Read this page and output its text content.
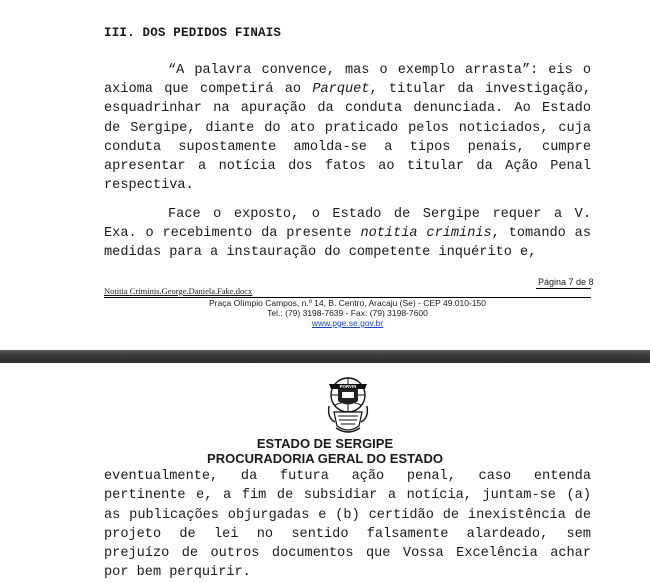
III. DOS PEDIDOS FINAIS

“A palavra convence, mas o exemplo arrasta”: eis o axioma que competirá ao Parquet, titular da investigação, esquadrinhar na apuração da conduta denunciada. Ao Estado de Sergipe, diante do ato praticado pelos noticiados, cuja conduta supostamente amolda-se a tipos penais, cumpre apresentar a notícia dos fatos ao titular da Ação Penal respectiva.

Face o exposto, o Estado de Sergipe requer a V. Exa. o recebimento da presente notitia criminis, tomando as medidas para a instauração do competente inquérito e,

Página 7 de 8
Notitia Criminis.George.Daniela.Fake.docx
Praça Olímpio Campos, n.º 14, B. Centro, Aracaju (Se) - CEP 49.010-150
Tel.: (79) 3198-7639 - Fax: (79) 3198-7600
www.pge.se.gov.br
PORVIR
ESTADO DE SERGIPE
PROCURADORIA GERAL DO ESTADO

eventualmente, da futura ação penal, caso entenda pertinente e, a fim de subsidiar a notícia, juntam-se (a) as publicações objurgadas e (b) certidão de inexistência de projeto de lei no sentido falsamente alardeado, sem prejuízo de outros documentos que Vossa Excelência achar por bem perquirir.
